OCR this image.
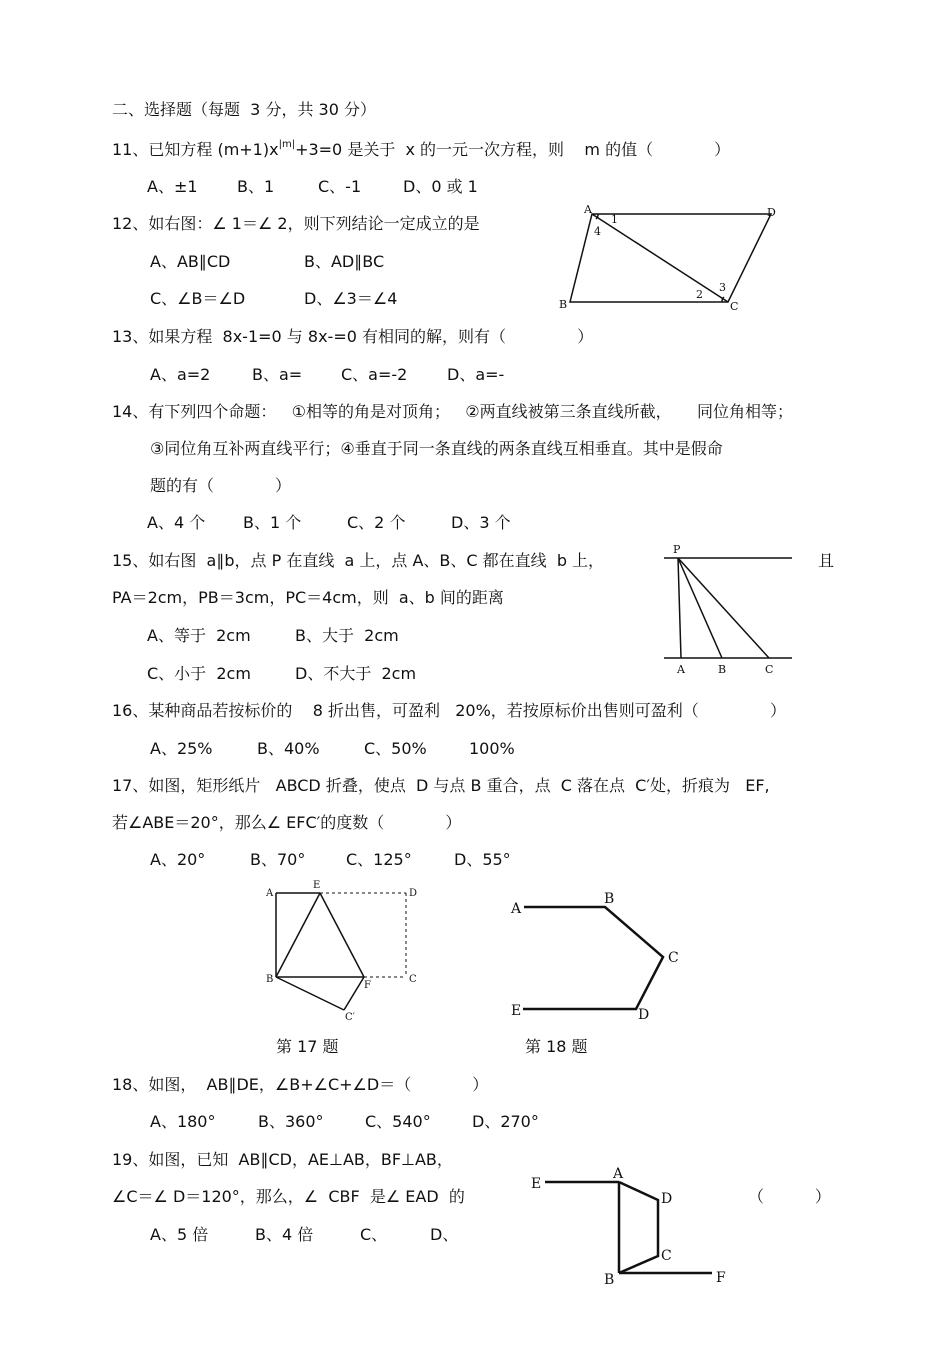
二、选择题（每题  3 分，共 30 分）
11、已知方程 $(m+1)x^{|m|}+3=0$ 是关于  x 的一元一次方程，则    m 的值（            ）
A、±1 B、1	C、-1	D、0 或 1
12、如右图：∠ 1＝∠ 2，则下列结论一定成立的是
A、AB∥CD	B、AD∥BC
C、∠B＝∠D	D、∠3＝∠4
A
1
4
D
B
2
3
C
13、如果方程  8x-1=0 与 8x-=0 有相同的解，则有（              ）
A、a=2	B、a= C、a=-2 D、a=-
14、有下列四个命题：   ①相等的角是对顶角；   ②两直线被第三条直线所截，     同位角相等；
③同位角互补两直线平行；④垂直于同一条直线的两条直线互相垂直。其中是假命
题的有（            ）
A、4 个 B、1 个	C、2 个	D、3 个
15、如右图  a∥b，点 P 在直线  a 上，点 A、B、C 都在直线  b 上，	且
PA＝2cm，PB＝3cm，PC＝4cm，则  a、b 间的距离
A、等于  2cm	B、大于  2cm
C、小于  2cm	D、不大于  2cm
P
A	B	C
16、某种商品若按标价的    8 折出售，可盈利   20%，若按原标价出售则可盈利（              ）
A、25%	B、40%	C、50%	100%
17、如图，矩形纸片   ABCD 折叠，使点  D 与点 B 重合，点  C 落在点  C′处，折痕为   EF,
若∠ABE＝20°，那么∠ EFC′的度数（            ）
A、20°	B、70°	C、125°	D、55°
A
E
D
B
F
C
C′
A
B
C
D
E
第 17 题	第 18 题
18、如图，  AB∥DE，∠B+∠C+∠D＝（            ）
A、180°	B、360°	C、540°	D、270°
19、如图，已知  AB∥CD，AE⊥AB，BF⊥AB，
∠C＝∠ D＝120°，那么，∠  CBF  是∠ EAD  的	（          ）
A、5 倍	B、4 倍	C、	D、
E
A
D
C
B	F
